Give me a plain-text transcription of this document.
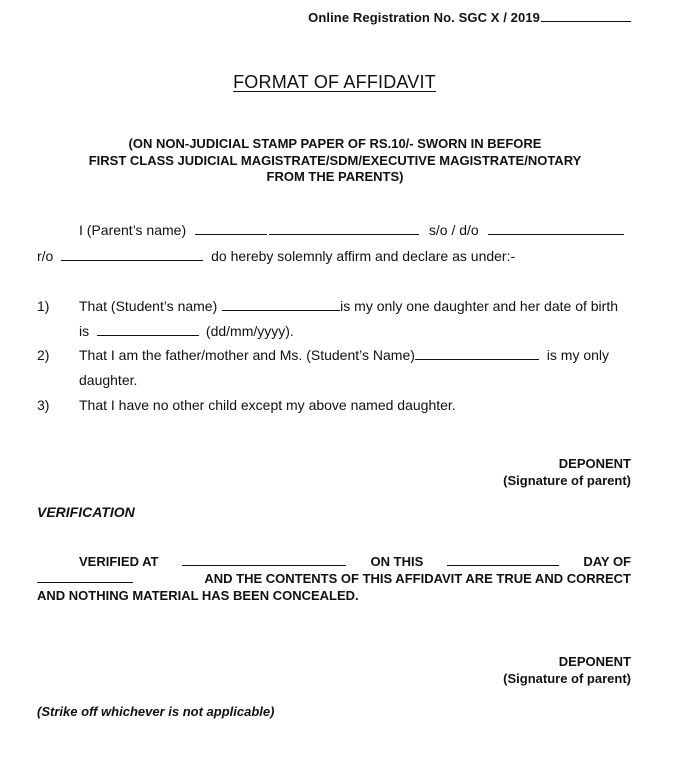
Online Registration No. SGC X / 2019
FORMAT OF AFFIDAVIT
(ON NON-JUDICIAL STAMP PAPER OF RS.10/- SWORN IN BEFORE
FIRST CLASS JUDICIAL MAGISTRATE/SDM/EXECUTIVE MAGISTRATE/NOTARY
FROM THE PARENTS)
I (Parent’s name)	s/o / d/o
r/o	do hereby solemnly affirm and declare as under:-
1) That (Student’s name)	is my only one daughter and her date of birth
is	(dd/mm/yyyy).
2) That I am the father/mother and Ms. (Student’s Name)	is my only
daughter.
3) That I have no other child except my above named daughter.
DEPONENT
(Signature of parent)
VERIFICATION
VERIFIED AT	ON THIS	DAY OF
AND THE CONTENTS OF THIS AFFIDAVIT ARE TRUE AND CORRECT
AND NOTHING MATERIAL HAS BEEN CONCEALED.
DEPONENT
(Signature of parent)
(Strike off whichever is not applicable)
